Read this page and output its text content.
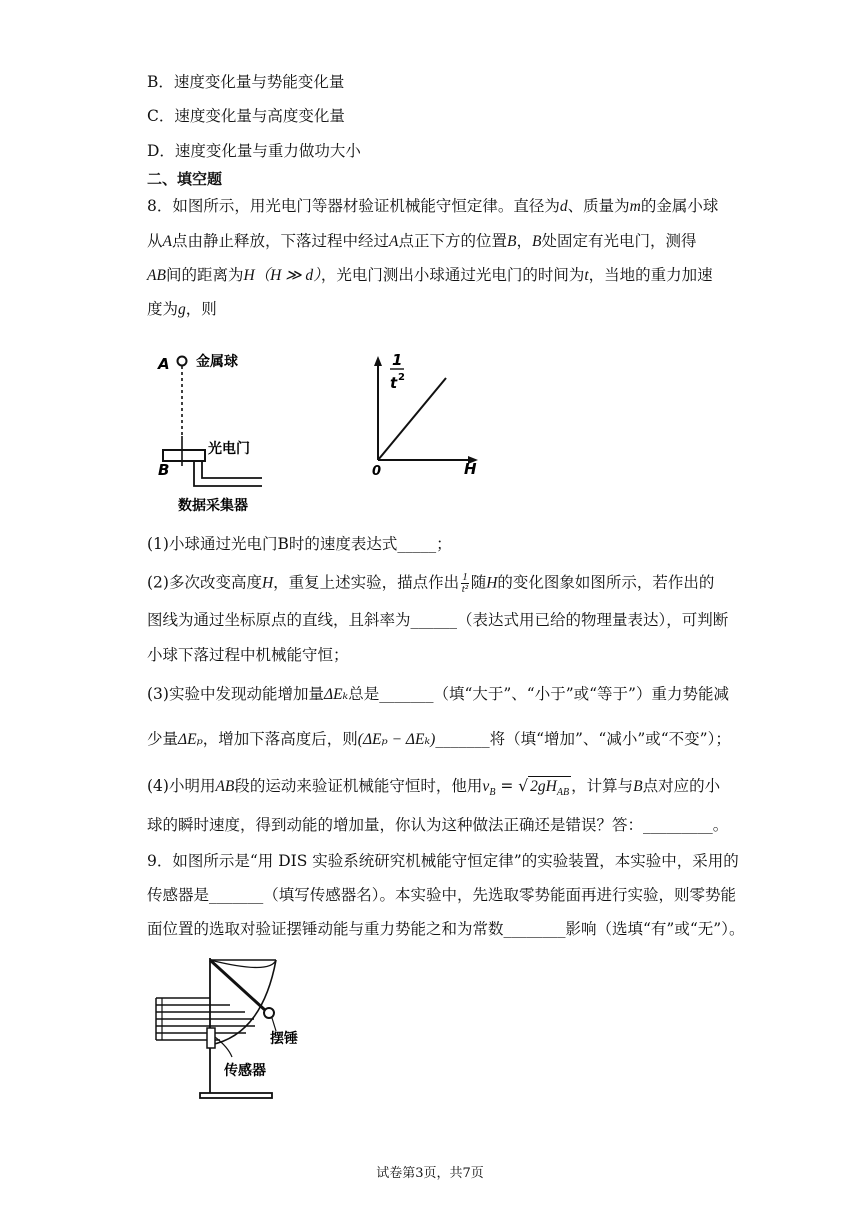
B．速度变化量与势能变化量
C．速度变化量与高度变化量
D．速度变化量与重力做功大小
二、填空题
8．如图所示，用光电门等器材验证机械能守恒定律。直径为d、质量为m的金属小球
从A点由静止释放，下落过程中经过A点正下方的位置B，B处固定有光电门，测得
AB间的距离为H（H ≫ d），光电门测出小球通过光电门的时间为t，当地的重力加速
度为g，则
A 金属球
光电门
B
数据采集器
1
t 2
0	H
(1)小球通过光电门B时的速度表达式_____；
(2)多次改变高度H，重复上述实验，描点作出 $\frac{1}{\text{t²}}$ 随H的变化图象如图所示，若作出的
图线为通过坐标原点的直线，且斜率为______（表达式用已给的物理量表达），可判断
小球下落过程中机械能守恒；
(3)实验中发现动能增加量ΔEₖ总是_______（填“大于”、“小于”或“等于”）重力势能减
少量ΔEₚ，增加下落高度后，则(ΔEₚ − ΔEₖ)_______将（填“增加”、“减小”或“不变”）；
(4)小明用AB段的运动来验证机械能守恒时，他用$v_B$ = √ $2gH_{AB}$ ，计算与B点对应的小
球的瞬时速度，得到动能的增加量，你认为这种做法正确还是错误？答：_________。
9．如图所示是“用 DIS 实验系统研究机械能守恒定律”的实验装置，本实验中，采用的
传感器是_______（填写传感器名）。本实验中，先选取零势能面再进行实验，则零势能
面位置的选取对验证摆锤动能与重力势能之和为常数________影响（选填“有”或“无”）。
摆锤
传感器
试卷第3页，共7页
